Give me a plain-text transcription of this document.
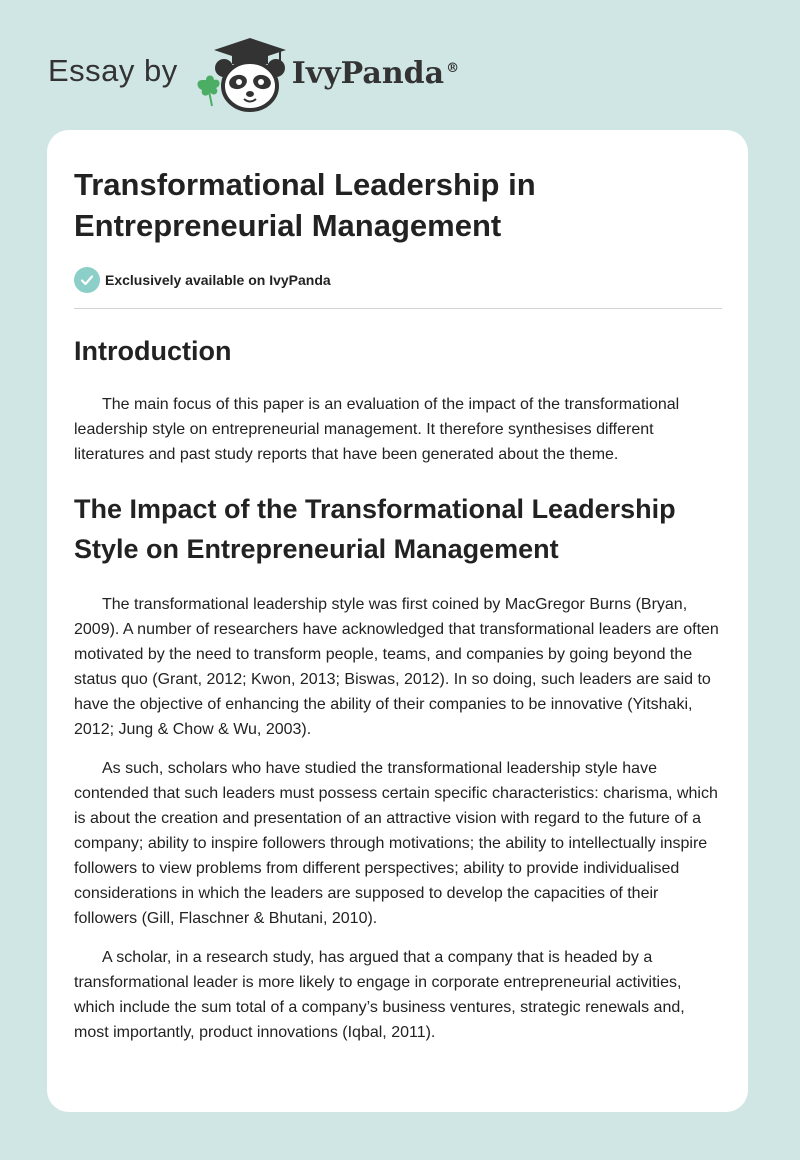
Essay by	IvyPanda ®
Transformational Leadership in Entrepreneurial Management
Exclusively available on IvyPanda
Introduction

The main focus of this paper is an evaluation of the impact of the transformational leadership style on entrepreneurial management. It therefore synthesises different literatures and past study reports that have been generated about the theme.

The Impact of the Transformational Leadership Style on Entrepreneurial Management

The transformational leadership style was first coined by MacGregor Burns (Bryan, 2009). A number of researchers have acknowledged that transformational leaders are often motivated by the need to transform people, teams, and companies by going beyond the status quo (Grant, 2012; Kwon, 2013; Biswas, 2012). In so doing, such leaders are said to have the objective of enhancing the ability of their companies to be innovative (Yitshaki, 2012; Jung & Chow & Wu, 2003).

As such, scholars who have studied the transformational leadership style have contended that such leaders must possess certain specific characteristics: charisma, which is about the creation and presentation of an attractive vision with regard to the future of a company; ability to inspire followers through motivations; the ability to intellectually inspire followers to view problems from different perspectives; ability to provide individualised considerations in which the leaders are supposed to develop the capacities of their followers (Gill, Flaschner & Bhutani, 2010).

A scholar, in a research study, has argued that a company that is headed by a transformational leader is more likely to engage in corporate entrepreneurial activities, which include the sum total of a company’s business ventures, strategic renewals and, most importantly, product innovations (Iqbal, 2011).
